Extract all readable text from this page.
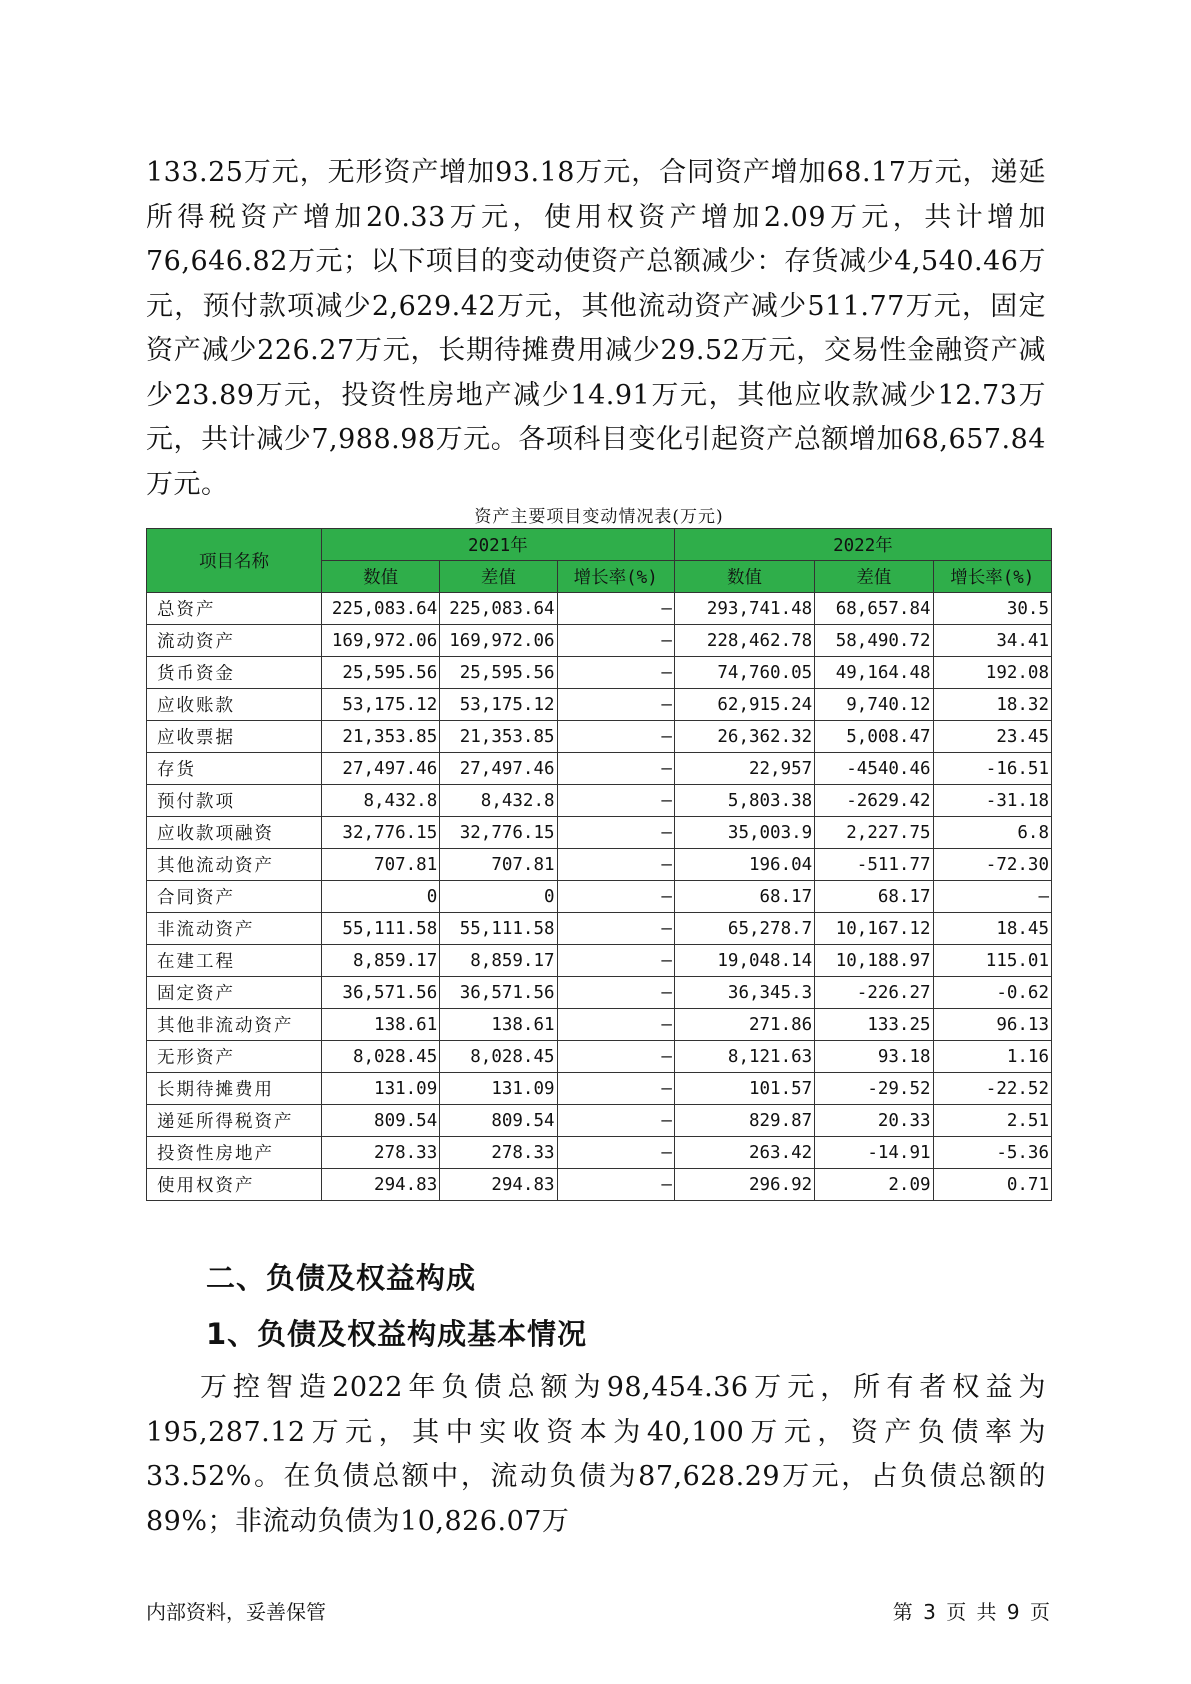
133.25万元，无形资产增加93.18万元，合同资产增加68.17万元，递延所得税资产增加20.33万元，使用权资产增加2.09万元，共计增加76,646.82万元；以下项目的变动使资产总额减少：存货减少4,540.46万元，预付款项减少2,629.42万元，其他流动资产减少511.77万元，固定资产减少226.27万元，长期待摊费用减少29.52万元，交易性金融资产减少23.89万元，投资性房地产减少14.91万元，其他应收款减少12.73万元，共计减少7,988.98万元。各项科目变化引起资产总额增加68,657.84万元。
资产主要项目变动情况表(万元)
项目名称	2021年			2022年		
	数值	差值	增长率(%)	数值	差值	增长率(%)
总资产	225,083.64	225,083.64	–	293,741.48	68,657.84	30.5
流动资产	169,972.06	169,972.06	–	228,462.78	58,490.72	34.41
货币资金	25,595.56	25,595.56	–	74,760.05	49,164.48	192.08
应收账款	53,175.12	53,175.12	–	62,915.24	9,740.12	18.32
应收票据	21,353.85	21,353.85	–	26,362.32	5,008.47	23.45
存货	27,497.46	27,497.46	–	22,957	-4540.46	-16.51
预付款项	8,432.8	8,432.8	–	5,803.38	-2629.42	-31.18
应收款项融资	32,776.15	32,776.15	–	35,003.9	2,227.75	6.8
其他流动资产	707.81	707.81	–	196.04	-511.77	-72.30
合同资产	0	0	–	68.17	68.17	–
非流动资产	55,111.58	55,111.58	–	65,278.7	10,167.12	18.45
在建工程	8,859.17	8,859.17	–	19,048.14	10,188.97	115.01
固定资产	36,571.56	36,571.56	–	36,345.3	-226.27	-0.62
其他非流动资产	138.61	138.61	–	271.86	133.25	96.13
无形资产	8,028.45	8,028.45	–	8,121.63	93.18	1.16
长期待摊费用	131.09	131.09	–	101.57	-29.52	-22.52
递延所得税资产	809.54	809.54	–	829.87	20.33	2.51
投资性房地产	278.33	278.33	–	263.42	-14.91	-5.36
使用权资产	294.83	294.83	–	296.92	2.09	0.71
二、负债及权益构成
1、负债及权益构成基本情况
万控智造2022年负债总额为98,454.36万元，所有者权益为195,287.12万元，其中实收资本为40,100万元，资产负债率为33.52%。在负债总额中，流动负债为87,628.29万元，占负债总额的89%；非流动负债为10,826.07万
内部资料，妥善保管	第 3 页 共 9 页
